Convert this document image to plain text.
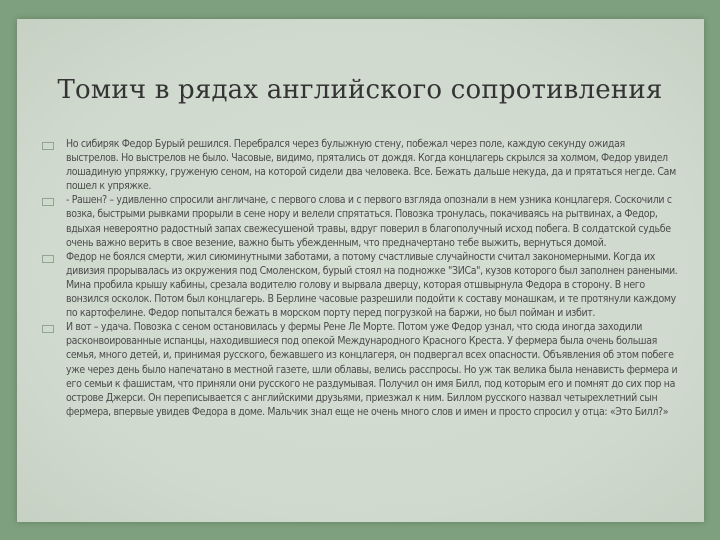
Томич в рядах английского сопротивления
Но сибиряк Федор Бурый решился. Перебрался через булыжную стену, побежал через поле, каждую секунду ожидая выстрелов. Но выстрелов не было. Часовые, видимо, прятались от дождя. Когда концлагерь скрылся за холмом, Федор увидел лошадиную упряжку, груженую сеном, на которой сидели два человека. Все. Бежать дальше некуда, да и прятаться негде. Сам пошел к упряжке.
- Рашен? – удивленно спросили англичане, с первого слова и с первого взгляда опознали в нем узника концлагеря. Соскочили с возка, быстрыми рывками прорыли в сене нору и велели спрятаться. Повозка тронулась, покачиваясь на рытвинах, а Федор, вдыхая невероятно радостный запах свежесушеной травы, вдруг поверил в благополучный исход побега. В солдатской судьбе очень важно верить в свое везение, важно быть убежденным, что предначертано тебе выжить, вернуться домой.
Федор не боялся смерти, жил сиюминутными заботами, а потому счастливые случайности считал закономерными. Когда их дивизия прорывалась из окружения под Смоленском, бурый стоял на подножке "ЗИСа", кузов которого был заполнен ранеными. Мина пробила крышу кабины, срезала водителю голову и вырвала дверцу, которая отшвырнула Федора в сторону. В него вонзился осколок. Потом был концлагерь. В Берлине часовые разрешили подойти к составу монашкам, и те протянули каждому по картофелине. Федор попытался бежать в морском порту перед погрузкой на баржи, но был пойман и избит.
И вот – удача. Повозка с сеном остановилась у фермы Рене Ле Морте. Потом уже Федор узнал, что сюда иногда заходили расконвоированные испанцы, находившиеся под опекой Международного Красного Креста. У фермера была очень большая семья, много детей, и, принимая русского, бежавшего из концлагеря, он подвергал всех опасности. Объявления об этом побеге уже через день было напечатано в местной газете, шли облавы, велись расспросы. Но уж так велика была ненависть фермера и его семьи к фашистам, что приняли они русского не раздумывая. Получил он имя Билл, под которым его и помнят до сих пор на острове Джерси. Он переписывается с английскими друзьями, приезжал к ним. Биллом русского назвал четырехлетний сын фермера, впервые увидев Федора в доме. Мальчик знал еще не очень много слов и имен и просто спросил у отца: «Это Билл?»
